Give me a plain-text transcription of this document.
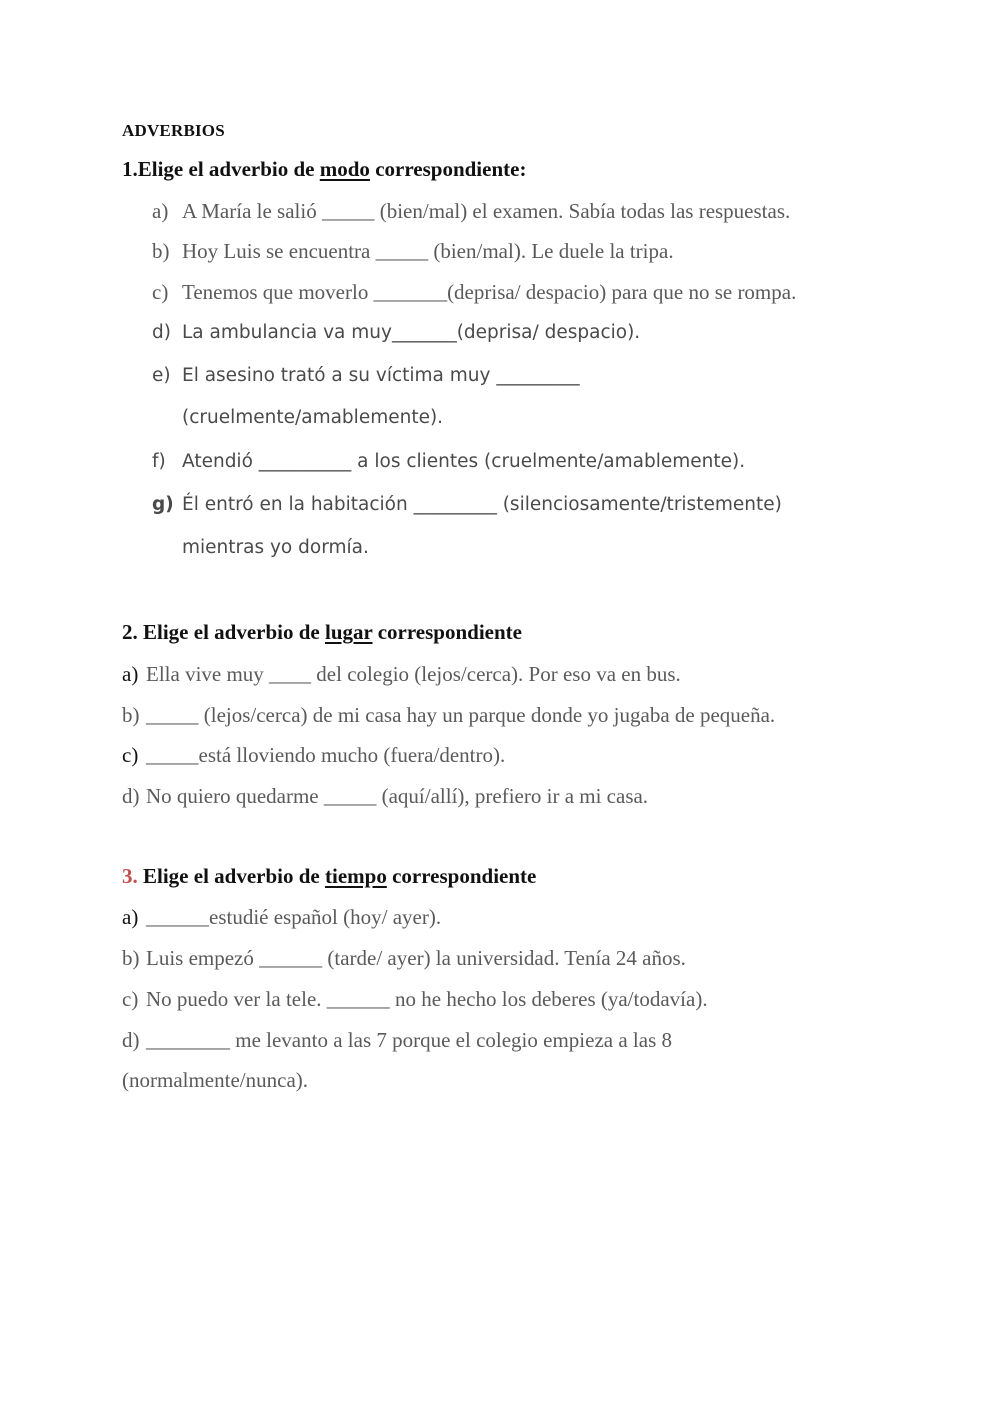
ADVERBIOS
1.Elige el adverbio de modo correspondiente:
a) A María le salió _____ (bien/mal) el examen. Sabía todas las respuestas.
b) Hoy Luis se encuentra _____ (bien/mal). Le duele la tripa.
c) Tenemos que moverlo _______(deprisa/ despacio) para que no se rompa.
d) La ambulancia va muy_______(deprisa/ despacio).
e) El asesino trató a su víctima muy _________
(cruelmente/amablemente).
f) Atendió __________ a los clientes (cruelmente/amablemente).
g) Él entró en la habitación _________ (silenciosamente/tristemente)
mientras yo dormía.
2. Elige el adverbio de lugar correspondiente
a) Ella vive muy ____ del colegio (lejos/cerca). Por eso va en bus.
b) _____ (lejos/cerca) de mi casa hay un parque donde yo jugaba de pequeña.
c) _____está lloviendo mucho (fuera/dentro).
d) No quiero quedarme _____ (aquí/allí), prefiero ir a mi casa.
3. Elige el adverbio de tiempo correspondiente
a) ______estudié español (hoy/ ayer).
b) Luis empezó ______ (tarde/ ayer) la universidad. Tenía 24 años.
c) No puedo ver la tele. ______ no he hecho los deberes (ya/todavía).
d) ________ me levanto a las 7 porque el colegio empieza a las 8
(normalmente/nunca).
